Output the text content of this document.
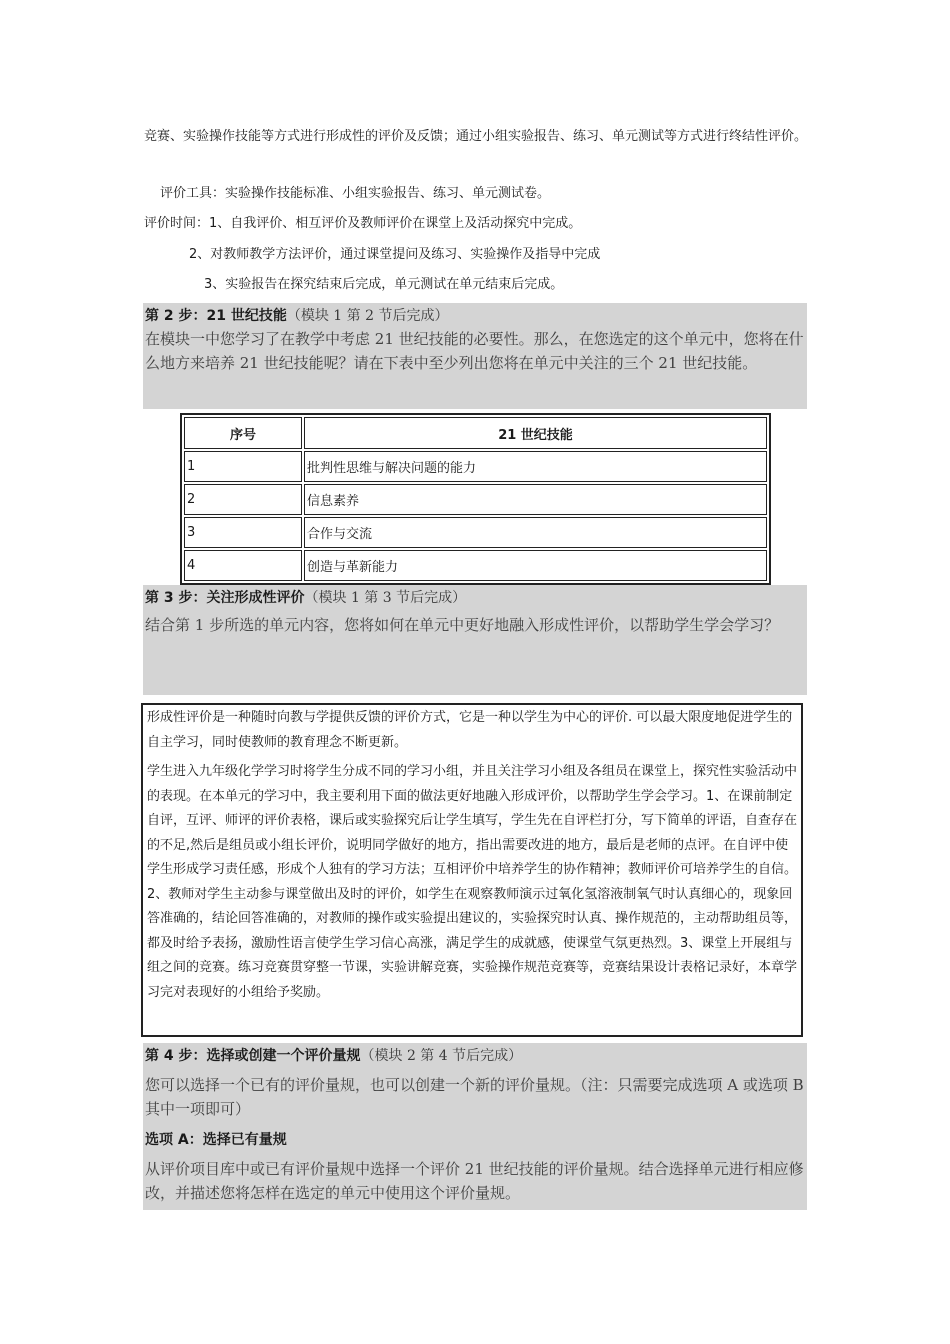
竞赛、实验操作技能等方式进行形成性的评价及反馈；通过小组实验报告、练习、单元测试等方式进行终结性评价。

评价工具：实验操作技能标准、小组实验报告、练习、单元测试卷。

评价时间：1、自我评价、相互评价及教师评价在课堂上及活动探究中完成。

2、对教师教学方法评价，通过课堂提问及练习、实验操作及指导中完成

3、实验报告在探究结束后完成，单元测试在单元结束后完成。

第 2 步：21 世纪技能（模块 1 第 2 节后完成）
在模块一中您学习了在教学中考虑 21 世纪技能的必要性。那么，在您选定的这个单元中，您将在什么地方来培养 21 世纪技能呢？请在下表中至少列出您将在单元中关注的三个 21 世纪技能。
序号	21 世纪技能
1	批判性思维与解决问题的能力
2	信息素养
3	合作与交流
4	创造与革新能力
第 3 步：关注形成性评价（模块 1 第 3 节后完成）
结合第 1 步所选的单元内容，您将如何在单元中更好地融入形成性评价，以帮助学生学会学习？

形成性评价是一种随时向教与学提供反馈的评价方式，它是一种以学生为中心的评价. 可以最大限度地促进学生的自主学习，同时使教师的教育理念不断更新。

学生进入九年级化学学习时将学生分成不同的学习小组，并且关注学习小组及各组员在课堂上，探究性实验活动中的表现。在本单元的学习中，我主要利用下面的做法更好地融入形成评价，以帮助学生学会学习。1、在课前制定自评，互评、师评的评价表格，课后或实验探究后让学生填写，学生先在自评栏打分，写下简单的评语，自查存在的不足,然后是组员或小组长评价，说明同学做好的地方，指出需要改进的地方，最后是老师的点评。在自评中使学生形成学习责任感，形成个人独有的学习方法；互相评价中培养学生的协作精神；教师评价可培养学生的自信。2、教师对学生主动参与课堂做出及时的评价，如学生在观察教师演示过氧化氢溶液制氧气时认真细心的，现象回答准确的，结论回答准确的，对教师的操作或实验提出建议的，实验探究时认真、操作规范的，主动帮助组员等，都及时给予表扬，激励性语言使学生学习信心高涨，满足学生的成就感，使课堂气氛更热烈。3、课堂上开展组与组之间的竞赛。练习竞赛贯穿整一节课，实验讲解竞赛，实验操作规范竞赛等，竞赛结果设计表格记录好，本章学习完对表现好的小组给予奖励。

第 4 步：选择或创建一个评价量规（模块 2 第 4 节后完成）
您可以选择一个已有的评价量规，也可以创建一个新的评价量规。（注：只需要完成选项 A 或选项 B 其中一项即可）
选项 A：选择已有量规
从评价项目库中或已有评价量规中选择一个评价 21 世纪技能的评价量规。结合选择单元进行相应修改，并描述您将怎样在选定的单元中使用这个评价量规。
